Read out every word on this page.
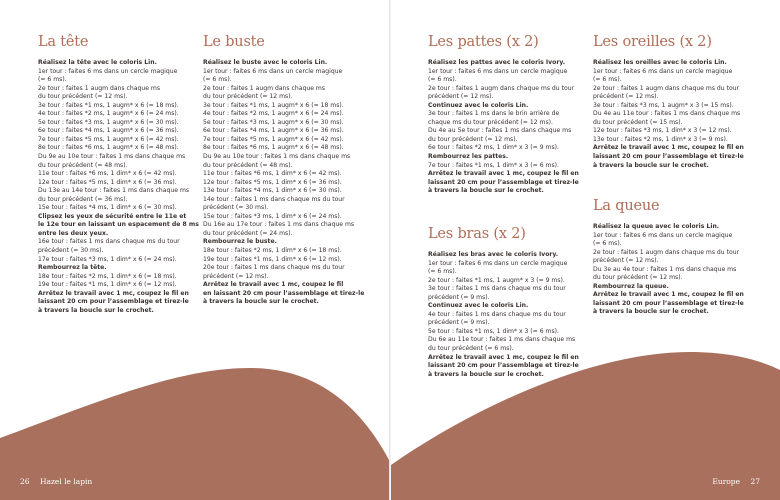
La tête
Réalisez la tête avec le coloris Lin.
1er tour : faites 6 ms dans un cercle magique
(= 6 ms).
2e tour : faites 1 augm dans chaque ms
du tour précédent (= 12 ms).
3e tour : faites *1 ms, 1 augm* x 6 (= 18 ms).
4e tour : faites *2 ms, 1 augm* x 6 (= 24 ms).
5e tour : faites *3 ms, 1 augm* x 6 (= 30 ms).
6e tour : faites *4 ms, 1 augm* x 6 (= 36 ms).
7e tour : faites *5 ms, 1 augm* x 6 (= 42 ms).
8e tour : faites *6 ms, 1 augm* x 6 (= 48 ms).
Du 9e au 10e tour : faites 1 ms dans chaque ms
du tour précédent (= 48 ms).
11e tour : faites *6 ms, 1 dim* x 6 (= 42 ms).
12e tour : faites *5 ms, 1 dim* x 6 (= 36 ms).
Du 13e au 14e tour : faites 1 ms dans chaque ms
du tour précédent (= 36 ms).
15e tour : faites *4 ms, 1 dim* x 6 (= 30 ms).
Clipsez les yeux de sécurité entre le 11e et
le 12e tour en laissant un espacement de 8 ms
entre les deux yeux.
16e tour : faites 1 ms dans chaque ms du tour
précédent (= 30 ms).
17e tour : faites *3 ms, 1 dim* x 6 (= 24 ms).
Rembourrez la tête.
18e tour : faites *2 ms, 1 dim* x 6 (= 18 ms).
19e tour : faites *1 ms, 1 dim* x 6 (= 12 ms).
Arrêtez le travail avec 1 mc, coupez le fil en
laissant 20 cm pour l’assemblage et tirez-le
à travers la boucle sur le crochet.
Le buste
Réalisez le buste avec le coloris Lin.
1er tour : faites 6 ms dans un cercle magique
(= 6 ms).
2e tour : faites 1 augm dans chaque ms
du tour précédent (= 12 ms).
3e tour : faites *1 ms, 1 augm* x 6 (= 18 ms).
4e tour : faites *2 ms, 1 augm* x 6 (= 24 ms).
5e tour : faites *3 ms, 1 augm* x 6 (= 30 ms).
6e tour : faites *4 ms, 1 augm* x 6 (= 36 ms).
7e tour : faites *5 ms, 1 augm* x 6 (= 42 ms).
8e tour : faites *6 ms, 1 augm* x 6 (= 48 ms).
Du 9e au 10e tour : faites 1 ms dans chaque ms
du tour précédent (= 48 ms).
11e tour : faites *6 ms, 1 dim* x 6 (= 42 ms).
12e tour : faites *5 ms, 1 dim* x 6 (= 36 ms).
13e tour : faites *4 ms, 1 dim* x 6 (= 30 ms).
14e tour : faites 1 ms dans chaque ms du tour
précédent (= 30 ms).
15e tour : faites *3 ms, 1 dim* x 6 (= 24 ms).
Du 16e au 17e tour : faites 1 ms dans chaque ms
du tour précédent (= 24 ms).
Rembourrez le buste.
18e tour : faites *2 ms, 1 dim* x 6 (= 18 ms).
19e tour : faites *1 ms, 1 dim* x 6 (= 12 ms).
20e tour : faites 1 ms dans chaque ms du tour
précédent (= 12 ms).
Arrêtez le travail avec 1 mc, coupez le fil
en laissant 20 cm pour l’assemblage et tirez-le
à travers la boucle sur le crochet.
Les pattes (x 2)
Réalisez les pattes avec le coloris Ivory.
1er tour : faites 6 ms dans un cercle magique
(= 6 ms).
2e tour : faites 1 augm dans chaque ms du tour
précédent (= 12 ms).
Continuez avec le coloris Lin.
3e tour : faites 1 ms dans le brin arrière de
chaque ms du tour précédent (= 12 ms).
Du 4e au 5e tour : faites 1 ms dans chaque ms
du tour précédent (= 12 ms).
6e tour : faites *2 ms, 1 dim* x 3 (= 9 ms).
Rembourrez les pattes.
7e tour : faites *1 ms, 1 dim* x 3 (= 6 ms).
Arrêtez le travail avec 1 mc, coupez le fil en
laissant 20 cm pour l’assemblage et tirez-le
à travers la boucle sur le crochet.
Les bras (x 2)
Réalisez les bras avec le coloris Ivory.
1er tour : faites 6 ms dans un cercle magique
(= 6 ms).
2e tour : faites *1 ms, 1 augm* x 3 (= 9 ms).
3e tour : faites 1 ms dans chaque ms du tour
précédent (= 9 ms).
Continuez avec le coloris Lin.
4e tour : faites 1 ms dans chaque ms du tour
précédent (= 9 ms).
5e tour : faites *1 ms, 1 dim* x 3 (= 6 ms).
Du 6e au 11e tour : faites 1 ms dans chaque ms
du tour précédent (= 6 ms).
Arrêtez le travail avec 1 mc, coupez le fil en
laissant 20 cm pour l’assemblage et tirez-le
à travers la boucle sur le crochet.
Les oreilles (x 2)
Réalisez les oreilles avec le coloris Lin.
1er tour : faites 6 ms dans un cercle magique
(= 6 ms).
2e tour : faites 1 augm dans chaque ms du tour
précédent (= 12 ms).
3e tour : faites *3 ms, 1 augm* x 3 (= 15 ms).
Du 4e au 11e tour : faites 1 ms dans chaque ms
du tour précédent (= 15 ms).
12e tour : faites *3 ms, 1 dim* x 3 (= 12 ms).
13e tour : faites *2 ms, 1 dim* x 3 (= 9 ms).
Arrêtez le travail avec 1 mc, coupez le fil en
laissant 20 cm pour l’assemblage et tirez-le
à travers la boucle sur le crochet.
La queue
Réalisez la queue avec le coloris Lin.
1er tour : faites 6 ms dans un cercle magique
(= 6 ms).
2e tour : faites 1 augm dans chaque ms du tour
précédent (= 12 ms).
Du 3e au 4e tour : faites 1 ms dans chaque ms
du tour précédent (= 12 ms).
Rembourrez la queue.
Arrêtez le travail avec 1 mc, coupez le fil en
laissant 20 cm pour l’assemblage et tirez-le
à travers la boucle sur le crochet.
26 Hazel le lapin	Europe 27
